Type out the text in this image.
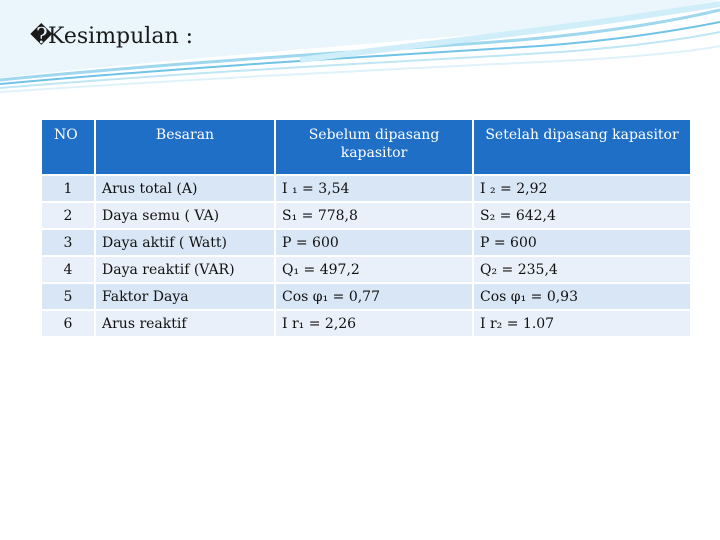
�Kesimpulan :
NO	Besaran	Sebelum dipasang kapasitor	Setelah dipasang kapasitor
1	Arus total (A)	I ₁ = 3,54	I ₂ = 2,92
2	Daya semu ( VA)	S₁ = 778,8	S₂ = 642,4
3	Daya aktif ( Watt)	P = 600	P = 600
4	Daya reaktif (VAR)	Q₁ = 497,2	Q₂ = 235,4
5	Faktor Daya	Cos φ₁ = 0,77	Cos φ₁ = 0,93
6	Arus reaktif	I r₁ = 2,26	I r₂ = 1.07
